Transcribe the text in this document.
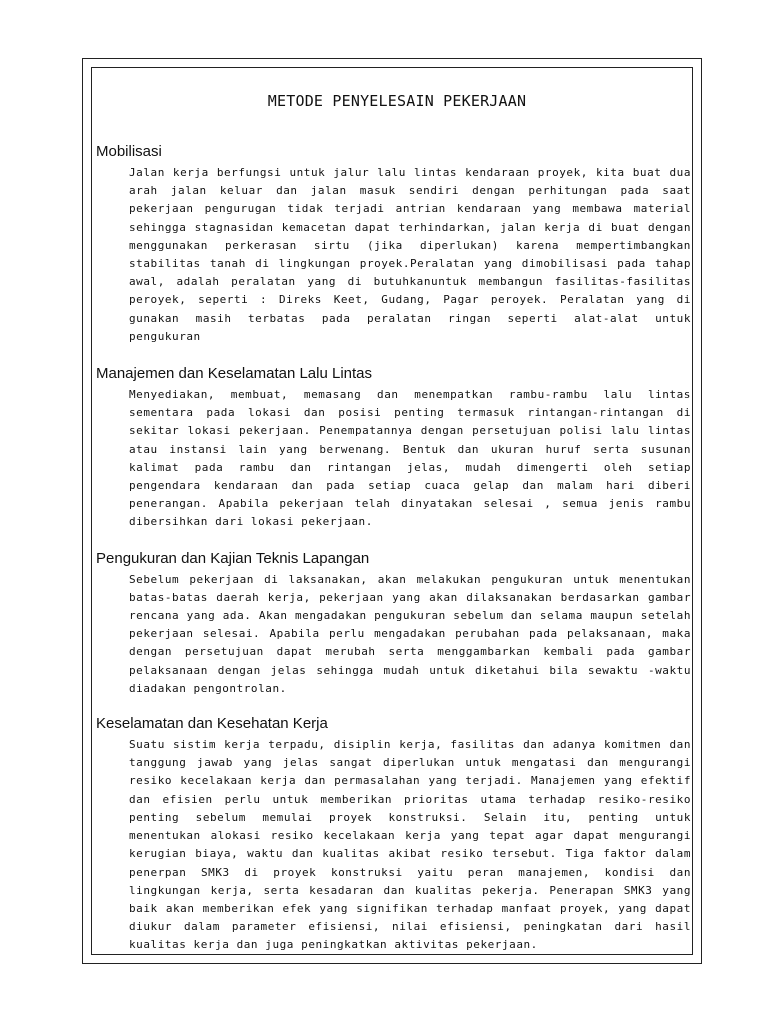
METODE PENYELESAIN PEKERJAAN
Mobilisasi
Jalan kerja berfungsi untuk jalur lalu lintas kendaraan proyek, kita buat dua arah jalan keluar dan jalan masuk sendiri dengan perhitungan pada saat pekerjaan pengurugan tidak terjadi antrian kendaraan yang membawa material sehingga stagnasidan kemacetan dapat terhindarkan, jalan kerja di buat dengan menggunakan perkerasan sirtu (jika diperlukan) karena mempertimbangkan stabilitas tanah di lingkungan proyek.Peralatan yang dimobilisasi pada tahap awal, adalah peralatan yang di butuhkanuntuk membangun fasilitas-fasilitas peroyek, seperti : Direks Keet, Gudang, Pagar peroyek. Peralatan yang di gunakan masih terbatas pada peralatan ringan seperti alat-alat untuk pengukuran
Manajemen dan Keselamatan Lalu Lintas
Menyediakan, membuat, memasang dan menempatkan rambu-rambu lalu lintas sementara pada lokasi dan posisi penting termasuk rintangan-rintangan di sekitar lokasi pekerjaan. Penempatannya dengan persetujuan polisi lalu lintas atau instansi lain yang berwenang. Bentuk dan ukuran huruf serta susunan kalimat pada rambu dan rintangan jelas, mudah dimengerti oleh setiap pengendara kendaraan dan pada setiap cuaca gelap dan malam hari diberi penerangan. Apabila pekerjaan telah dinyatakan selesai , semua jenis rambu dibersihkan dari lokasi pekerjaan.
Pengukuran dan Kajian Teknis Lapangan
Sebelum pekerjaan di laksanakan, akan melakukan pengukuran untuk menentukan batas-batas daerah kerja, pekerjaan yang akan dilaksanakan berdasarkan gambar rencana yang ada. Akan mengadakan pengukuran sebelum dan selama maupun setelah pekerjaan selesai. Apabila perlu mengadakan perubahan pada pelaksanaan, maka dengan persetujuan dapat merubah serta menggambarkan kembali pada gambar pelaksanaan dengan jelas sehingga mudah untuk diketahui bila sewaktu -waktu diadakan pengontrolan.
Keselamatan dan Kesehatan Kerja
Suatu sistim kerja terpadu, disiplin kerja, fasilitas dan adanya komitmen dan tanggung jawab yang jelas sangat diperlukan untuk mengatasi dan mengurangi resiko kecelakaan kerja dan permasalahan yang terjadi. Manajemen yang efektif dan efisien perlu untuk memberikan prioritas utama terhadap resiko-resiko penting sebelum memulai proyek konstruksi. Selain itu, penting untuk menentukan alokasi resiko kecelakaan kerja yang tepat agar dapat mengurangi kerugian biaya, waktu dan kualitas akibat resiko tersebut. Tiga faktor dalam penerpan SMK3 di proyek konstruksi yaitu peran manajemen, kondisi dan lingkungan kerja, serta kesadaran dan kualitas pekerja. Penerapan SMK3 yang baik akan memberikan efek yang signifikan terhadap manfaat proyek, yang dapat diukur dalam parameter efisiensi, nilai efisiensi, peningkatan dari hasil kualitas kerja dan juga peningkatkan aktivitas pekerjaan.
